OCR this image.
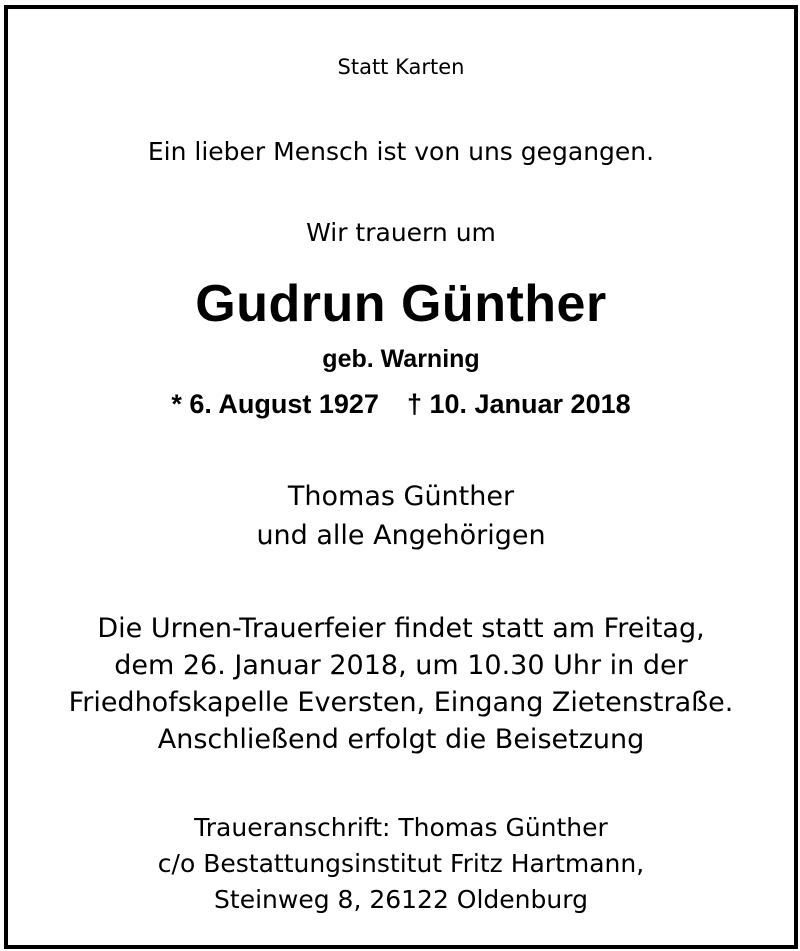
Statt Karten
Ein lieber Mensch ist von uns gegangen.
Wir trauern um
Gudrun Günther
geb. Warning
* 6. August 1927 † 10. Januar 2018
Thomas Günther
und alle Angehörigen
Die Urnen-Trauerfeier findet statt am Freitag,
dem 26. Januar 2018, um 10.30 Uhr in der
Friedhofskapelle Eversten, Eingang Zietenstraße.
Anschließend erfolgt die Beisetzung
Traueranschrift: Thomas Günther
c/o Bestattungsinstitut Fritz Hartmann,
Steinweg 8, 26122 Oldenburg
